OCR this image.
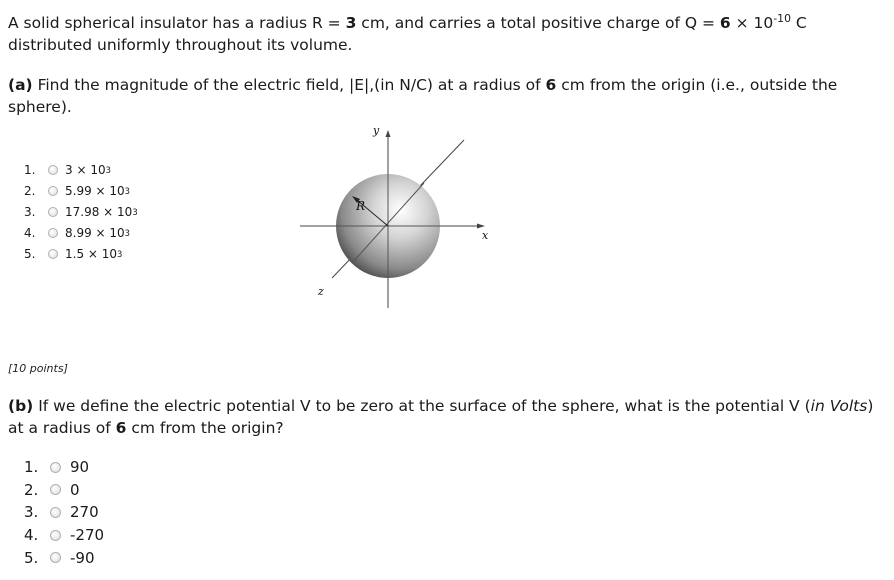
A solid spherical insulator has a radius R = 3 cm, and carries a total positive charge of $Q = 6 \times 10^{-10}$ C distributed uniformly throughout its volume.
(a) Find the magnitude of the electric field, |E|,(in N/C) at a radius of 6 cm from the origin (i.e., outside the sphere).
1.	3 × 10 3
2.	5.99 × 10 3
3.	17.98 × 10 3
4.	8.99 × 10 3
5.	1.5 × 10 3
R
y
x
z
[10 points]
(b) If we define the electric potential V to be zero at the surface of the sphere, what is the potential V (in Volts) at a radius of 6 cm from the origin?
1.	90
2.	0
3.	270
4.	-270
5.	-90
